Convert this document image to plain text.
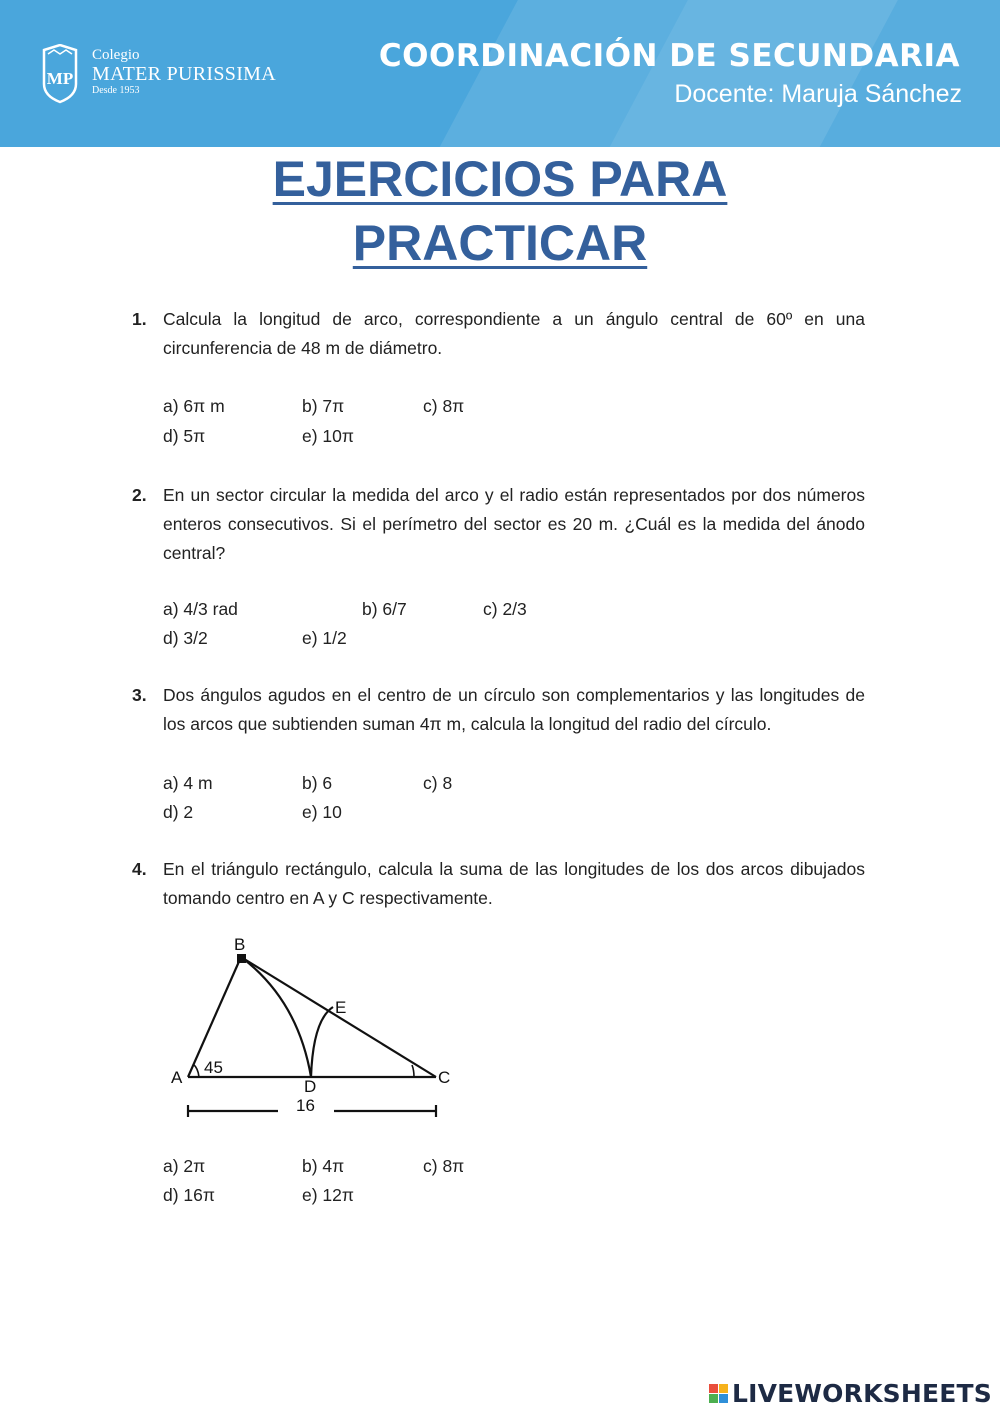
MP
Colegio
MATER PURISSIMA
Desde 1953
COORDINACIÓN DE SECUNDARIA
Docente: Maruja Sánchez
EJERCICIOS PARA
PRACTICAR
1. Calcula la longitud de arco, correspondiente a un ángulo central de 60º en una circunferencia de 48 m de diámetro.
a) 6π m	b) 7π	c) 8π
d) 5π	e) 10π
2. En un sector circular la medida del arco y el radio están representados por dos números enteros consecutivos. Si el perímetro del sector es 20 m. ¿Cuál es la medida del ánodo central?
a) 4/3 rad	b) 6/7	c) 2/3
d) 3/2	e) 1/2
3. Dos ángulos agudos en el centro de un círculo son complementarios y las longitudes de los arcos que subtienden suman 4π m, calcula la longitud del radio del círculo.
a) 4 m	b) 6	c) 8
d) 2	e) 10
4. En el triángulo rectángulo, calcula la suma de las longitudes de los dos arcos dibujados tomando centro en A y C respectivamente.
B
A	C
D
E
45
16
a) 2π	b) 4π	c) 8π
d) 16π	e) 12π
LIVEWORKSHEETS
